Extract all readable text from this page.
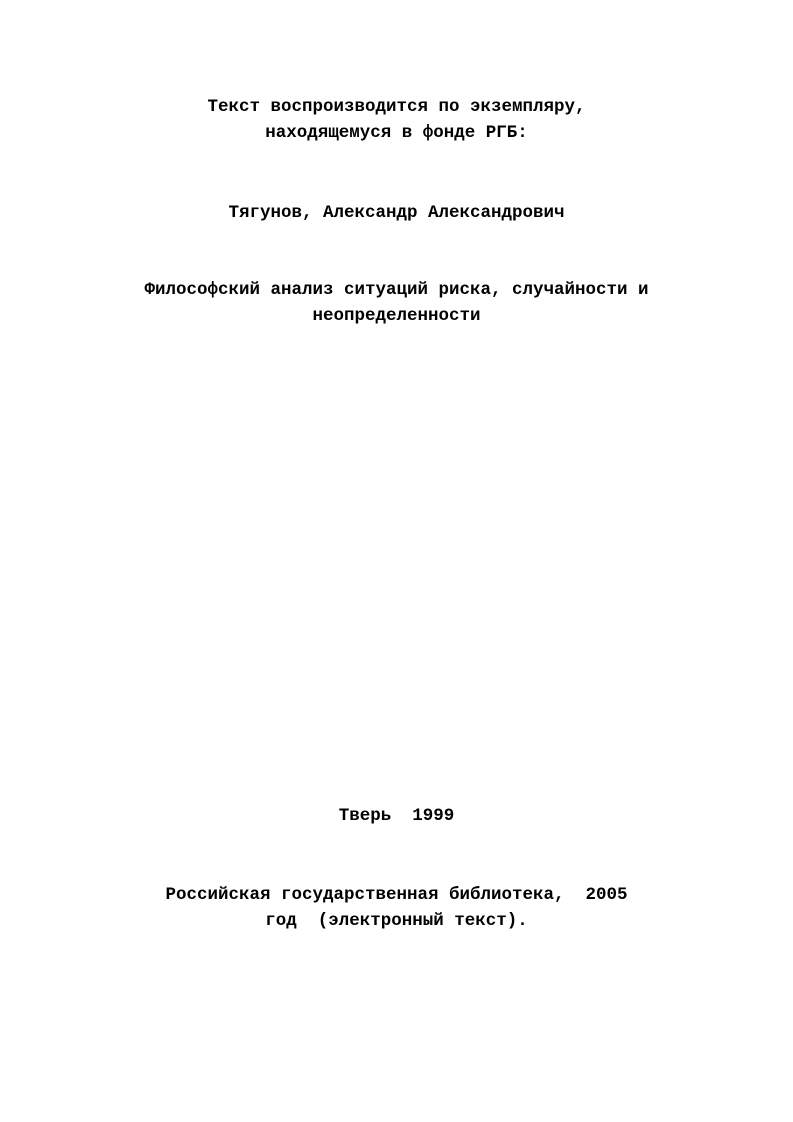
Текст воспроизводится по экземпляру,
находящемуся в фонде РГБ:
Тягунов, Александр Александрович
Философский анализ ситуаций риска, случайности и
неопределенности
Тверь  1999
Российская государственная библиотека,  2005
год  (электронный текст).
